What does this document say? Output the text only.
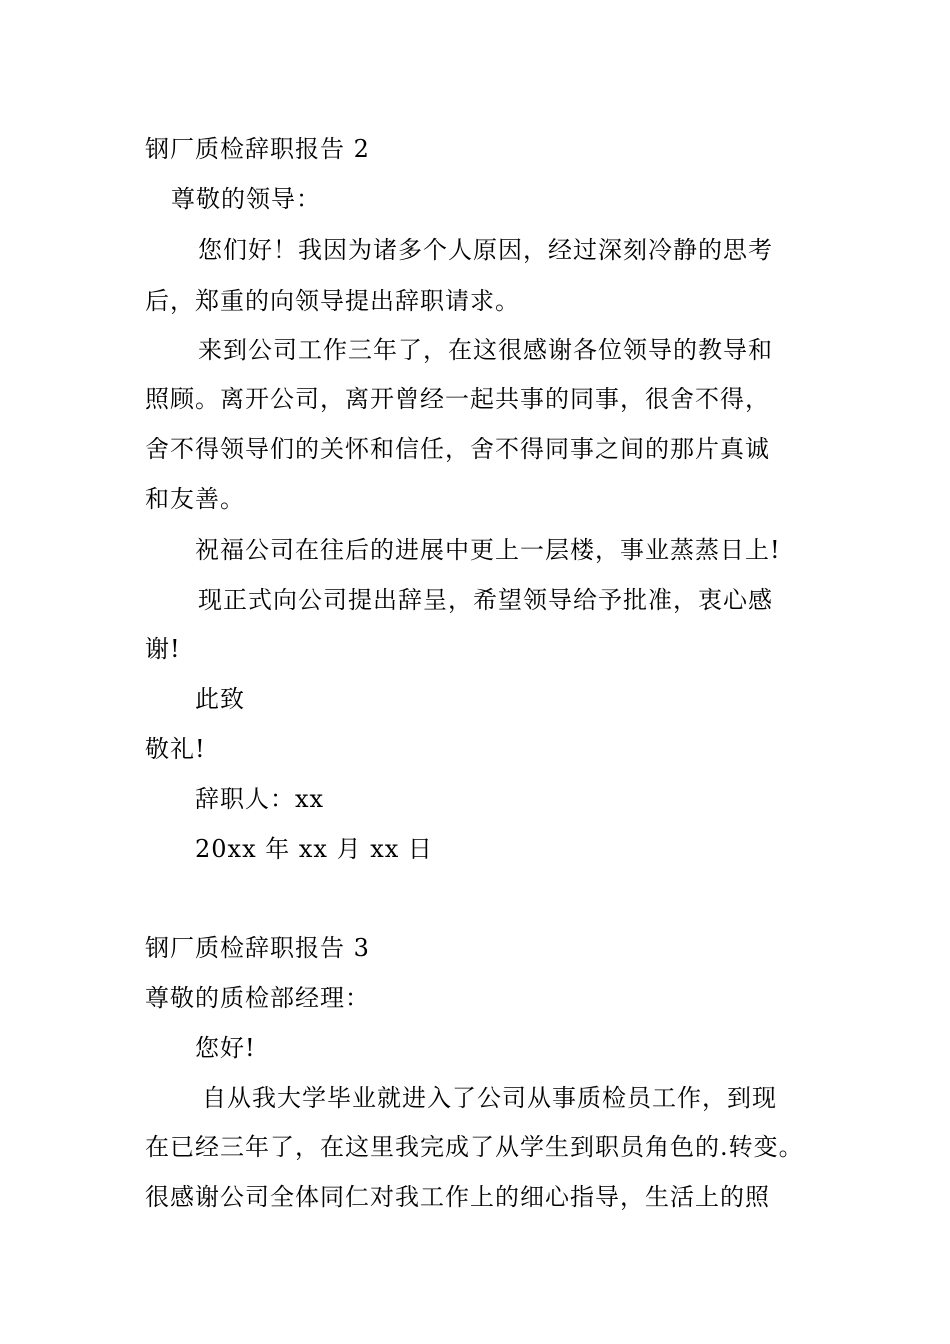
钢厂质检辞职报告 2
尊敬的领导：
您们好！我因为诸多个人原因，经过深刻冷静的思考
后，郑重的向领导提出辞职请求。
来到公司工作三年了，在这很感谢各位领导的教导和
照顾。离开公司，离开曾经一起共事的同事，很舍不得，
舍不得领导们的关怀和信任，舍不得同事之间的那片真诚
和友善。
祝福公司在往后的进展中更上一层楼，事业蒸蒸日上!
现正式向公司提出辞呈，希望领导给予批准，衷心感
谢!
此致
敬礼!
辞职人：xx
20xx 年 xx 月 xx 日
钢厂质检辞职报告 3
尊敬的质检部经理：
您好!
自从我大学毕业就进入了公司从事质检员工作，到现
在已经三年了，在这里我完成了从学生到职员角色的.转变。
很感谢公司全体同仁对我工作上的细心指导，生活上的照
